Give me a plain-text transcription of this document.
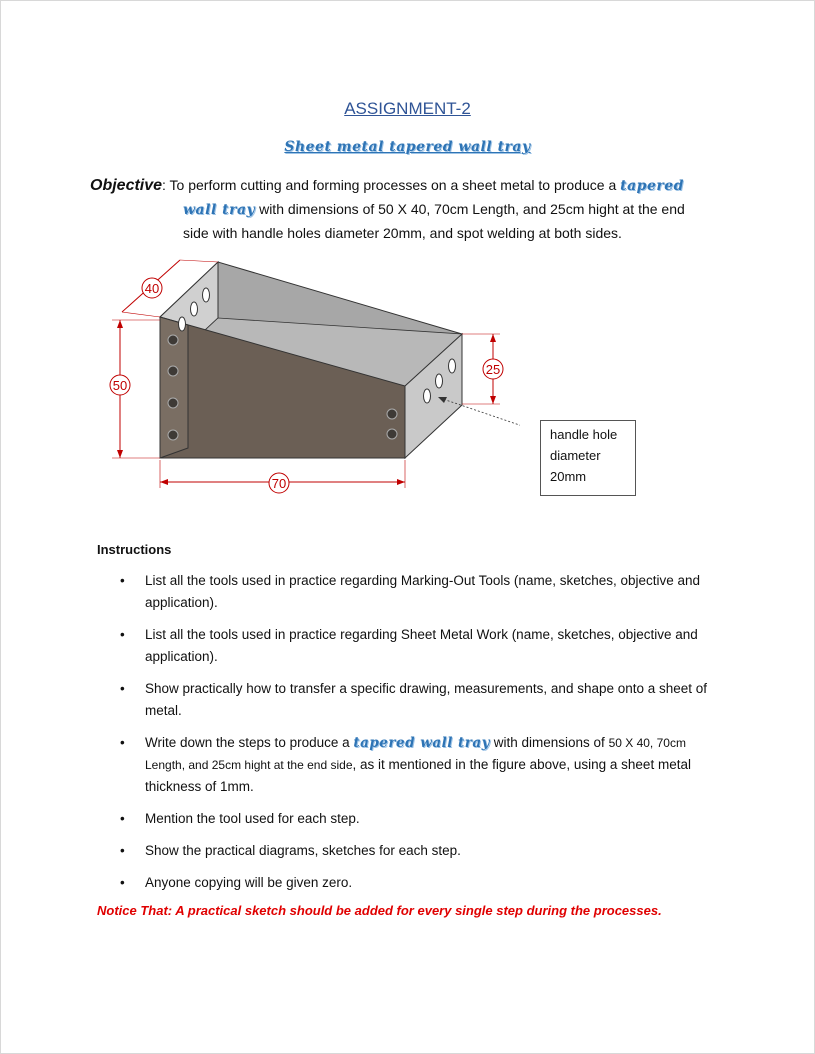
ASSIGNMENT-2
Sheet metal tapered wall tray
Objective: To perform cutting and forming processes on a sheet metal to produce a tapered
wall tray with dimensions of 50 X 40, 70cm Length, and 25cm hight at the end
side with handle holes diameter 20mm, and spot welding at both sides.
40
50
70
25
handle hole
diameter
20mm
Instructions
• List all the tools used in practice regarding Marking-Out Tools (name, sketches, objective and application).
• List all the tools used in practice regarding Sheet Metal Work (name, sketches, objective and application).
• Show practically how to transfer a specific drawing, measurements, and shape onto a sheet of metal.
• Write down the steps to produce a tapered wall tray with dimensions of 50 X 40, 70cm Length, and 25cm hight at the end side, as it mentioned in the figure above, using a sheet metal thickness of 1mm.
• Mention the tool used for each step.
• Show the practical diagrams, sketches for each step.
• Anyone copying will be given zero.
Notice That: A practical sketch should be added for every single step during the processes.
